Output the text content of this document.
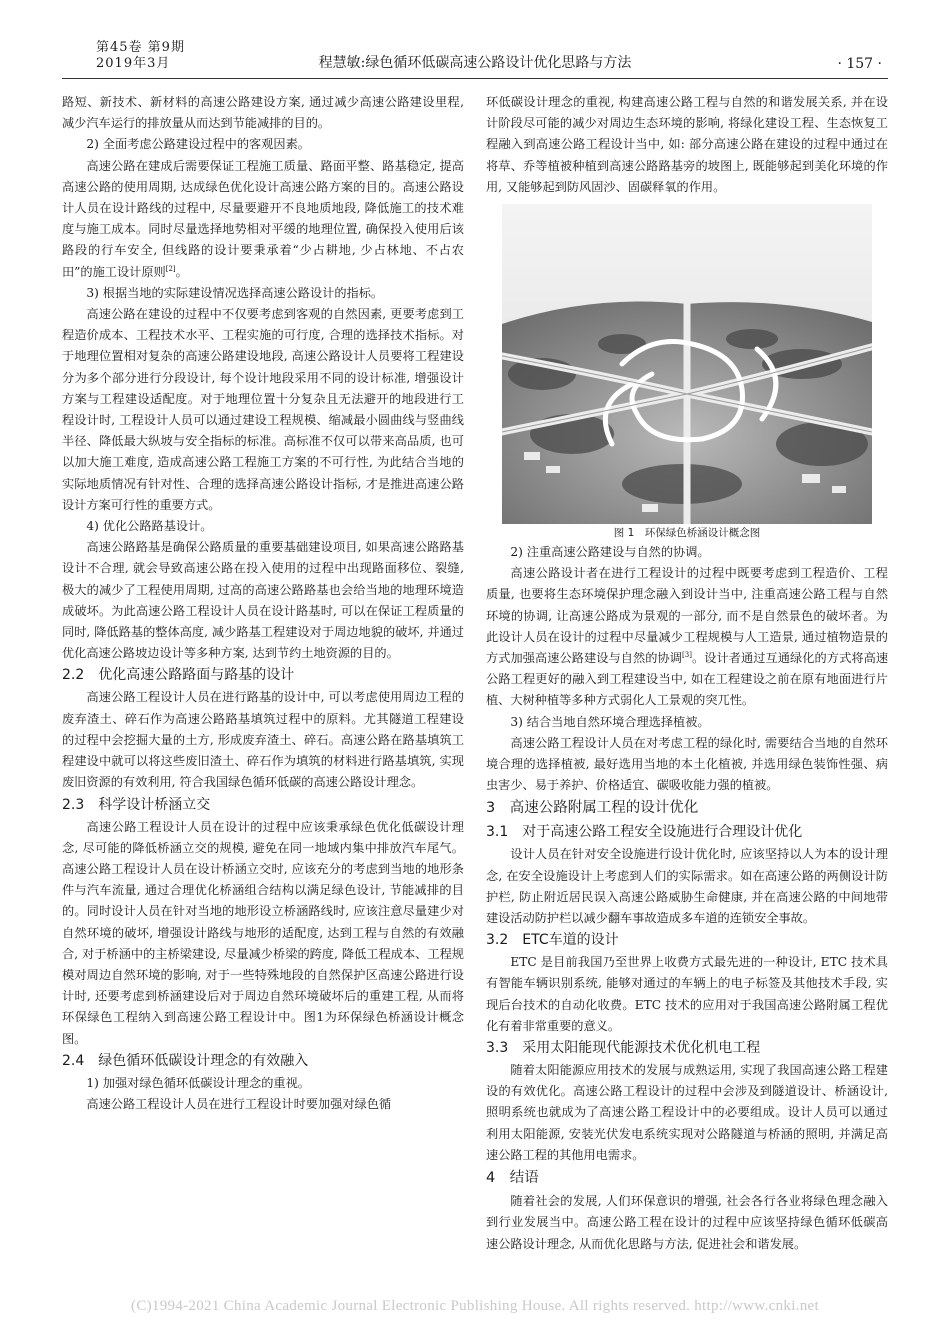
第45卷 第9期
2019年3月	程慧敏:绿色循环低碳高速公路设计优化思路与方法	· 157 ·

路短、新技术、新材料的高速公路建设方案, 通过减少高速公路建设里程, 减少汽车运行的排放量从而达到节能减排的目的。

2) 全面考虑公路建设过程中的客观因素。

高速公路在建成后需要保证工程施工质量、路面平整、路基稳定, 提高高速公路的使用周期, 达成绿色优化设计高速公路方案的目的。高速公路设计人员在设计路线的过程中, 尽量要避开不良地质地段, 降低施工的技术难度与施工成本。同时尽量选择地势相对平缓的地理位置, 确保投入使用后该路段的行车安全, 但线路的设计要秉承着“少占耕地, 少占林地、不占农田”的施工设计原则[2]。

3) 根据当地的实际建设情况选择高速公路设计的指标。

高速公路在建设的过程中不仅要考虑到客观的自然因素, 更要考虑到工程造价成本、工程技术水平、工程实施的可行度, 合理的选择技术指标。对于地理位置相对复杂的高速公路建设地段, 高速公路设计人员要将工程建设分为多个部分进行分段设计, 每个设计地段采用不同的设计标准, 增强设计方案与工程建设适配度。对于地理位置十分复杂且无法避开的地段进行工程设计时, 工程设计人员可以通过建设工程规模、缩减最小圆曲线与竖曲线半径、降低最大纵坡与安全指标的标准。高标准不仅可以带来高品质, 也可以加大施工难度, 造成高速公路工程施工方案的不可行性, 为此结合当地的实际地质情况有针对性、合理的选择高速公路设计指标, 才是推进高速公路设计方案可行性的重要方式。

4) 优化公路路基设计。

高速公路路基是确保公路质量的重要基础建设项目, 如果高速公路路基设计不合理, 就会导致高速公路在投入使用的过程中出现路面移位、裂缝, 极大的减少了工程使用周期, 过高的高速公路路基也会给当地的地理环境造成破坏。为此高速公路工程设计人员在设计路基时, 可以在保证工程质量的同时, 降低路基的整体高度, 减少路基工程建设对于周边地貌的破坏, 并通过优化高速公路坡边设计等多种方案, 达到节约土地资源的目的。

2.2　优化高速公路路面与路基的设计

高速公路工程设计人员在进行路基的设计中, 可以考虑使用周边工程的废弃渣土、碎石作为高速公路路基填筑过程中的原料。尤其隧道工程建设的过程中会挖掘大量的土方, 形成废弃渣土、碎石。高速公路在路基填筑工程建设中就可以将这些废旧渣土、碎石作为填筑的材料进行路基填筑, 实现废旧资源的有效利用, 符合我国绿色循环低碳的高速公路设计理念。

2.3　科学设计桥涵立交

高速公路工程设计人员在设计的过程中应该秉承绿色优化低碳设计理念, 尽可能的降低桥涵立交的规模, 避免在同一地域内集中排放汽车尾气。高速公路工程设计人员在设计桥涵立交时, 应该充分的考虑到当地的地形条件与汽车流量, 通过合理优化桥涵组合结构以满足绿色设计, 节能减排的目的。同时设计人员在针对当地的地形设立桥涵路线时, 应该注意尽量建少对自然环境的破坏, 增强设计路线与地形的适配度, 达到工程与自然的有效融合, 对于桥涵中的主桥梁建设, 尽量减少桥梁的跨度, 降低工程成本、工程规模对周边自然环境的影响, 对于一些特殊地段的自然保护区高速公路进行设计时, 还要考虑到桥涵建设后对于周边自然环境破坏后的重建工程, 从而将环保绿色工程纳入到高速公路工程设计中。图1为环保绿色桥涵设计概念图。

2.4　绿色循环低碳设计理念的有效融入

1) 加强对绿色循环低碳设计理念的重视。

高速公路工程设计人员在进行工程设计时要加强对绿色循

环低碳设计理念的重视, 构建高速公路工程与自然的和谐发展关系, 并在设计阶段尽可能的减少对周边生态环境的影响, 将绿化建设工程、生态恢复工程融入到高速公路工程设计当中, 如: 部分高速公路在建设的过程中通过在将草、乔等植被种植到高速公路路基旁的坡图上, 既能够起到美化环境的作用, 又能够起到防风固沙、固碳释氧的作用。

图 1　环保绿色桥涵设计概念图

2) 注重高速公路建设与自然的协调。

高速公路设计者在进行工程设计的过程中既要考虑到工程造价、工程质量, 也要将生态环境保护理念融入到设计当中, 注重高速公路工程与自然环境的协调, 让高速公路成为景观的一部分, 而不是自然景色的破坏者。为此设计人员在设计的过程中尽量减少工程规模与人工造景, 通过植物造景的方式加强高速公路建设与自然的协调[3]。设计者通过互通绿化的方式将高速公路工程更好的融入到工程建设当中, 如在工程建设之前在原有地面进行片植、大树种植等多种方式弱化人工景观的突兀性。

3) 结合当地自然环境合理选择植被。

高速公路工程设计人员在对考虑工程的绿化时, 需要结合当地的自然环境合理的选择植被, 最好选用当地的本土化植被, 并选用绿色装饰性强、病虫害少、易于养护、价格适宜、碳吸收能力强的植被。

3　高速公路附属工程的设计优化

3.1　对于高速公路工程安全设施进行合理设计优化

设计人员在针对安全设施进行设计优化时, 应该坚持以人为本的设计理念, 在安全设施设计上考虑到人们的实际需求。如在高速公路的两侧设计防护栏, 防止附近居民误入高速公路威胁生命健康, 并在高速公路的中间地带建设活动防护栏以减少翻车事故造成多车道的连锁安全事故。

3.2　ETC车道的设计

ETC 是目前我国乃至世界上收费方式最先进的一种设计, ETC 技术具有智能车辆识别系统, 能够对通过的车辆上的电子标签及其他技术手段, 实现后台技术的自动化收费。ETC 技术的应用对于我国高速公路附属工程优化有着非常重要的意义。

3.3　采用太阳能现代能源技术优化机电工程

随着太阳能源应用技术的发展与成熟运用, 实现了我国高速公路工程建设的有效优化。高速公路工程设计的过程中会涉及到隧道设计、桥涵设计, 照明系统也就成为了高速公路工程设计中的必要组成。设计人员可以通过利用太阳能源, 安装光伏发电系统实现对公路隧道与桥涵的照明, 并满足高速公路工程的其他用电需求。

4　结语

随着社会的发展, 人们环保意识的增强, 社会各行各业将绿色理念融入到行业发展当中。高速公路工程在设计的过程中应该坚持绿色循环低碳高速公路设计理念, 从而优化思路与方法, 促进社会和谐发展。

(C)1994-2021 China Academic Journal Electronic Publishing House. All rights reserved. http://www.cnki.net
